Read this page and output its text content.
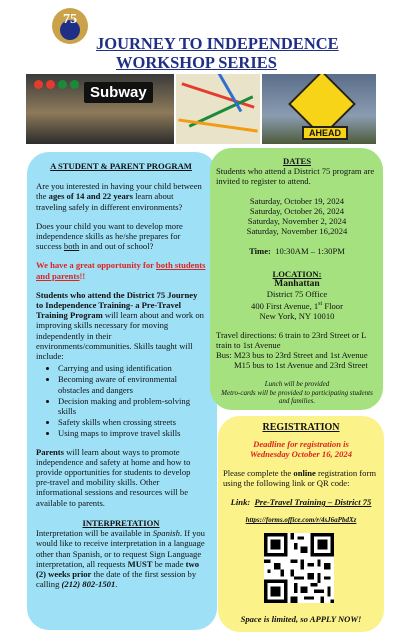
75
JOURNEY TO INDEPENDENCE
WORKSHOP SERIES
Subway
AHEAD
A STUDENT & PARENT PROGRAM
Are you interested in having your child between the ages of 14 and 22 years learn about traveling safely in different environments?
Does your child you want to develop more independence skills as he/she prepares for success both in and out of school?
We have a great opportunity for both students and parents!!
Students who attend the District 75 Journey to Independence Training- a Pre-Travel Training Program will learn about and work on improving skills necessary for moving independently in their environments/communities. Skills taught will include:
• Carrying and using identification
• Becoming aware of environmental obstacles and dangers
• Decision making and problem-solving skills
• Safety skills when crossing streets
• Using maps to improve travel skills
Parents will learn about ways to promote independence and safety at home and how to provide opportunities for students to develop pre-travel and mobility skills. Other informational sessions and resources will be available to parents.
INTERPRETATION
Interpretation will be available in Spanish. If you would like to receive interpretation in a language other than Spanish, or to request Sign Language interpretation, all requests MUST be made two (2) weeks prior the date of the first session by calling (212) 802-1501.
DATES
Students who attend a District 75 program are invited to register to attend.
Saturday, October 19, 2024
Saturday, October 26, 2024
Saturday, November 2, 2024
Saturday, November 16,2024
Time: 10:30AM – 1:30PM
LOCATION:
Manhattan
District 75 Office
400 First Avenue, 1st Floor
New York, NY 10010
Travel directions: 6 train to 23rd Street or L train to 1st Avenue
Bus: M23 bus to 23rd Street and 1st Avenue
M15 bus to 1st Avenue and 23rd Street
Lunch will be provided
Metro-cards will be provided to participating students and families.
REGISTRATION
Deadline for registration is
Wednesday October 16, 2024
Please complete the online registration form using the following link or QR code:
Link: Pre-Travel Training – District 75
https://forms.office.com/r/4sJ6aPbdXz
Space is limited, so APPLY NOW!
